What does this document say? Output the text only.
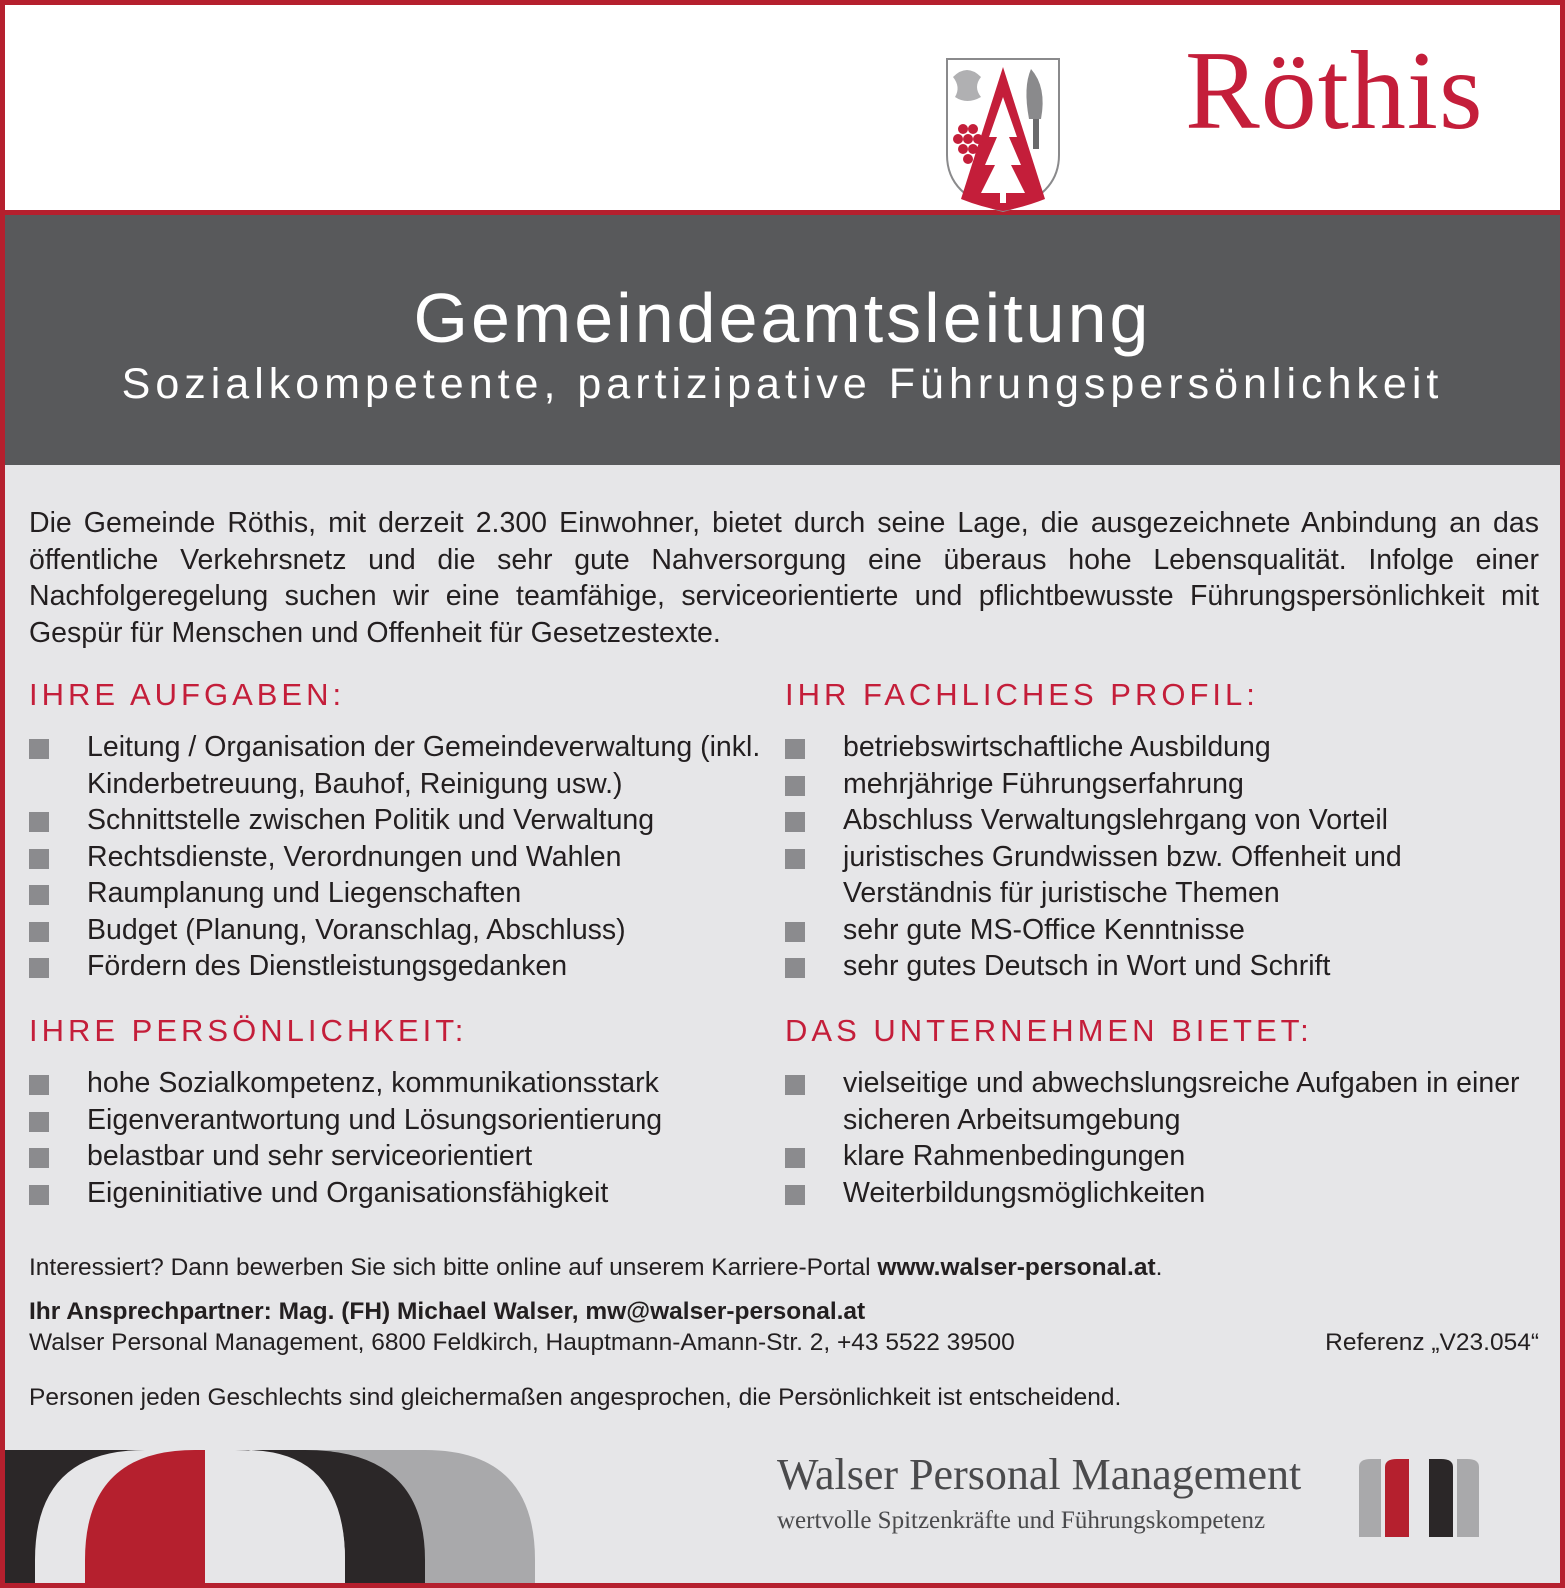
Röthis
Gemeindeamtsleitung
Sozialkompetente, partizipative Führungspersönlichkeit
Die Gemeinde Röthis, mit derzeit 2.300 Einwohner, bietet durch seine Lage, die ausgezeichnete Anbindung an das öffentliche Verkehrsnetz und die sehr gute Nahversorgung eine überaus hohe Lebensqualität. Infolge einer Nachfolgeregelung suchen wir eine teamfähige, serviceorientierte und pflichtbewusste Führungspersönlichkeit mit Gespür für Menschen und Offenheit für Gesetzestexte.
IHRE AUFGABEN:
Leitung / Organisation der Gemeindeverwaltung (inkl. Kinderbetreuung, Bauhof, Reinigung usw.)
Schnittstelle zwischen Politik und Verwaltung
Rechtsdienste, Verordnungen und Wahlen
Raumplanung und Liegenschaften
Budget (Planung, Voranschlag, Abschluss)
Fördern des Dienstleistungsgedanken
IHR FACHLICHES PROFIL:
betriebswirtschaftliche Ausbildung
mehrjährige Führungserfahrung
Abschluss Verwaltungslehrgang von Vorteil
juristisches Grundwissen bzw. Offenheit und Verständnis für juristische Themen
sehr gute MS-Office Kenntnisse
sehr gutes Deutsch in Wort und Schrift
IHRE PERSÖNLICHKEIT:
hohe Sozialkompetenz, kommunikationsstark
Eigenverantwortung und Lösungsorientierung
belastbar und sehr serviceorientiert
Eigeninitiative und Organisationsfähigkeit
DAS UNTERNEHMEN BIETET:
vielseitige und abwechslungsreiche Aufgaben in einer sicheren Arbeitsumgebung
klare Rahmenbedingungen
Weiterbildungsmöglichkeiten
Interessiert? Dann bewerben Sie sich bitte online auf unserem Karriere-Portal www.walser-personal.at.
Ihr Ansprechpartner: Mag. (FH) Michael Walser, mw@walser-personal.at
Walser Personal Management, 6800 Feldkirch, Hauptmann-Amann-Str. 2, +43 5522 39500	Referenz „V23.054“
Personen jeden Geschlechts sind gleichermaßen angesprochen, die Persönlichkeit ist entscheidend.
Walser Personal Management
wertvolle Spitzenkräfte und Führungskompetenz
